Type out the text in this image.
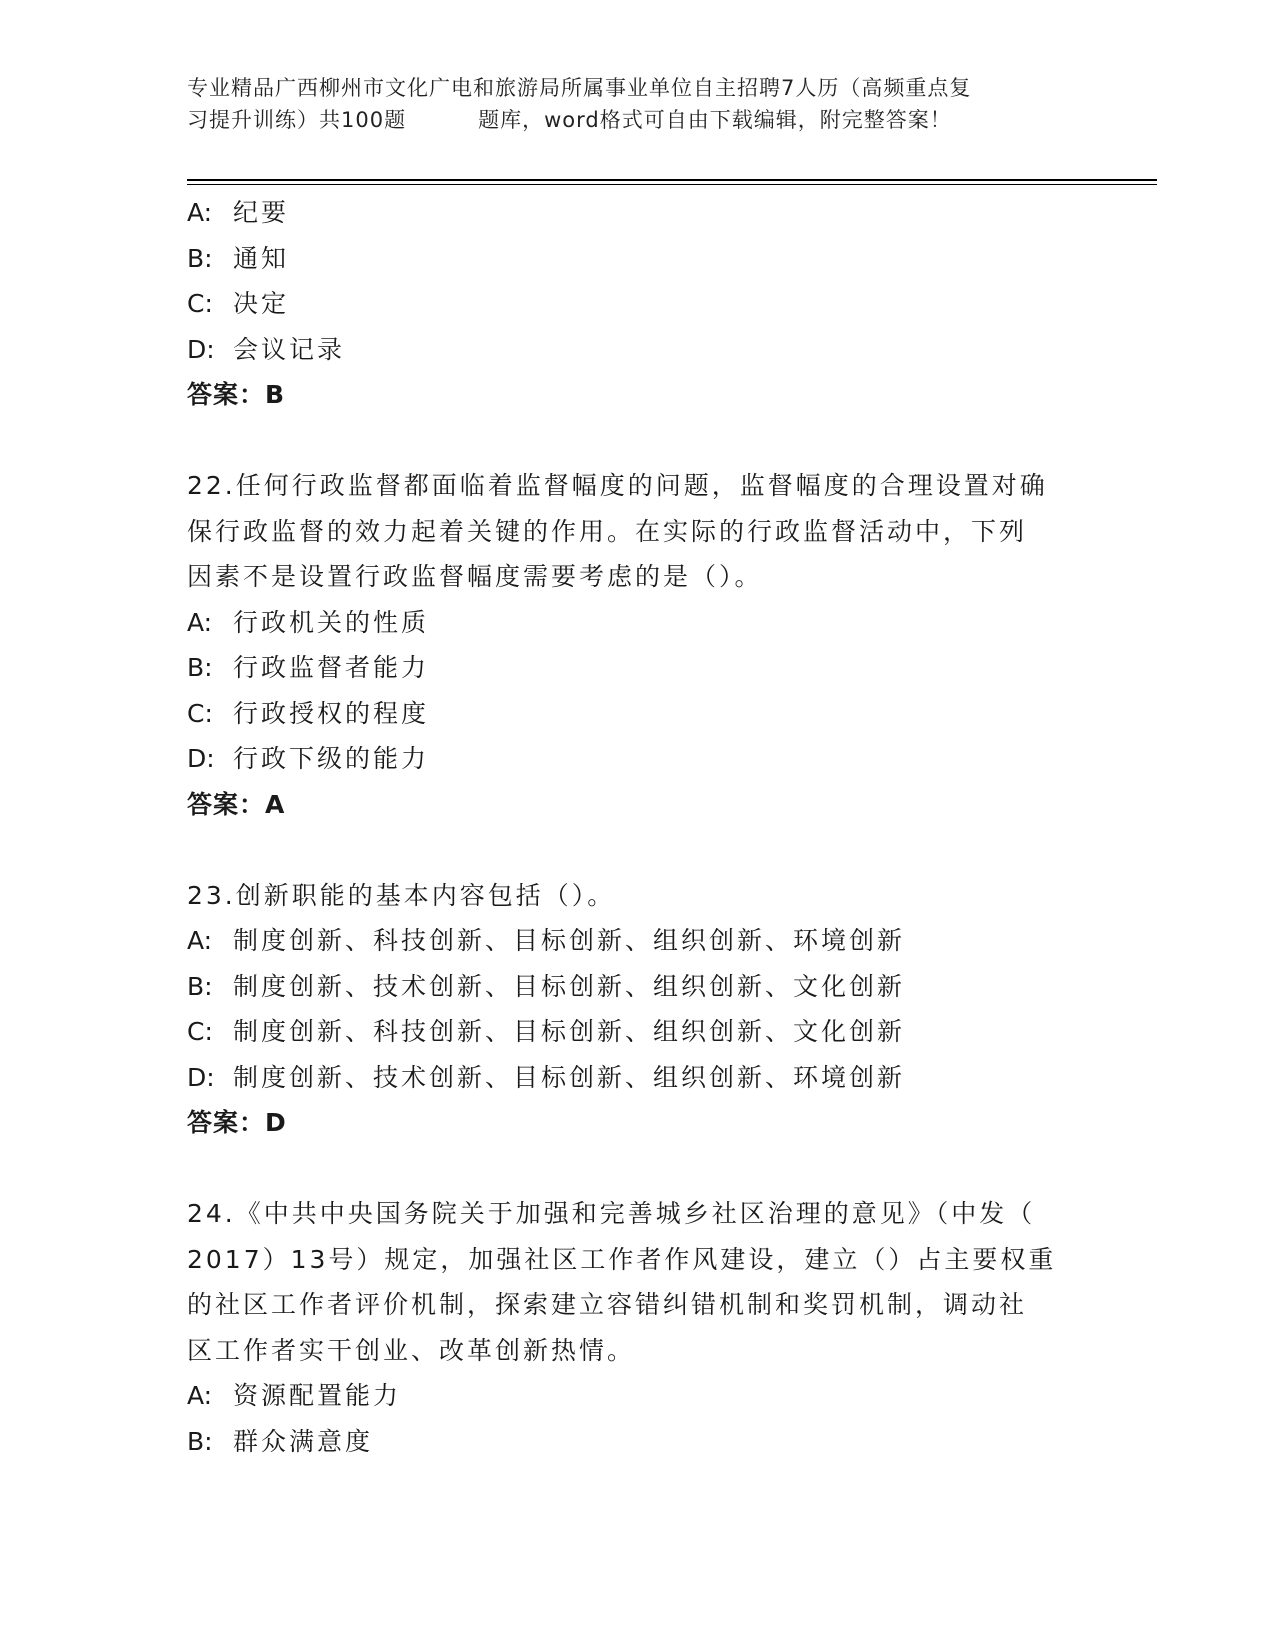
专业精品广西柳州市文化广电和旅游局所属事业单位自主招聘7人历（高频重点复
习提升训练）共100题	题库，word格式可自由下载编辑，附完整答案！
A: 纪要
B: 通知
C: 决定
D: 会议记录
答案：B
22.任何行政监督都面临着监督幅度的问题，监督幅度的合理设置对确
保行政监督的效力起着关键的作用。在实际的行政监督活动中，下列
因素不是设置行政监督幅度需要考虑的是（）。
A: 行政机关的性质
B: 行政监督者能力
C: 行政授权的程度
D: 行政下级的能力
答案：A
23.创新职能的基本内容包括（）。
A: 制度创新、科技创新、目标创新、组织创新、环境创新
B: 制度创新、技术创新、目标创新、组织创新、文化创新
C: 制度创新、科技创新、目标创新、组织创新、文化创新
D: 制度创新、技术创新、目标创新、组织创新、环境创新
答案：D
24.《中共中央国务院关于加强和完善城乡社区治理的意见》（中发（
2017）13号）规定，加强社区工作者作风建设，建立（）占主要权重
的社区工作者评价机制，探索建立容错纠错机制和奖罚机制，调动社
区工作者实干创业、改革创新热情。
A: 资源配置能力
B: 群众满意度
